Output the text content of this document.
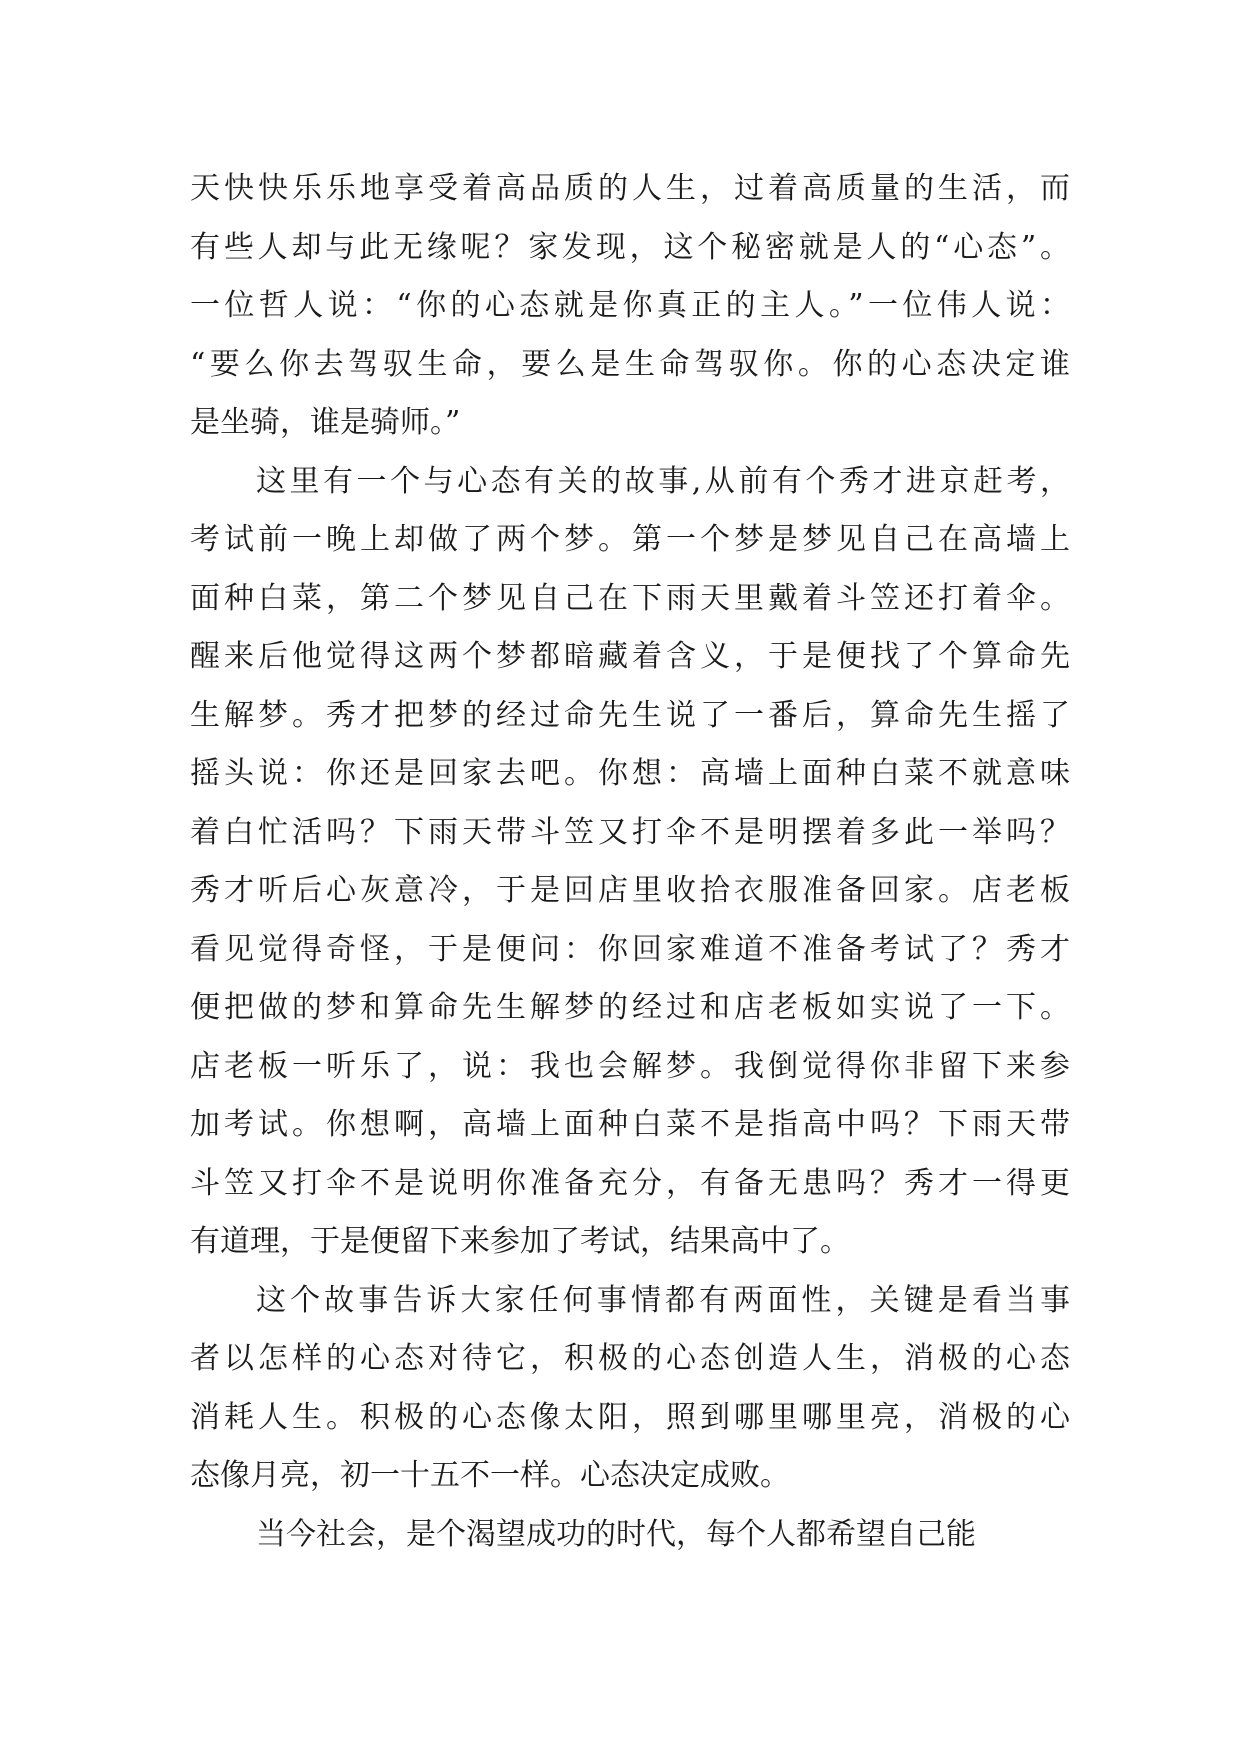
天快快乐乐地享受着高品质的人生，过着高质量的生活，而
有些人却与此无缘呢？家发现，这个秘密就是人的“心态”。
一位哲人说：“你的心态就是你真正的主人。”一位伟人说：
“要么你去驾驭生命，要么是生命驾驭你。你的心态决定谁
是坐骑，谁是骑师。”
这里有一个与心态有关的故事,从前有个秀才进京赶考，
考试前一晚上却做了两个梦。第一个梦是梦见自己在高墙上
面种白菜，第二个梦见自己在下雨天里戴着斗笠还打着伞。
醒来后他觉得这两个梦都暗藏着含义，于是便找了个算命先
生解梦。秀才把梦的经过命先生说了一番后，算命先生摇了
摇头说：你还是回家去吧。你想：高墙上面种白菜不就意味
着白忙活吗？下雨天带斗笠又打伞不是明摆着多此一举吗？
秀才听后心灰意冷，于是回店里收拾衣服准备回家。店老板
看见觉得奇怪，于是便问：你回家难道不准备考试了？秀才
便把做的梦和算命先生解梦的经过和店老板如实说了一下。
店老板一听乐了，说：我也会解梦。我倒觉得你非留下来参
加考试。你想啊，高墙上面种白菜不是指高中吗？下雨天带
斗笠又打伞不是说明你准备充分，有备无患吗？秀才一得更
有道理，于是便留下来参加了考试，结果高中了。
这个故事告诉大家任何事情都有两面性，关键是看当事
者以怎样的心态对待它，积极的心态创造人生，消极的心态
消耗人生。积极的心态像太阳，照到哪里哪里亮，消极的心
态像月亮，初一十五不一样。心态决定成败。
当今社会，是个渴望成功的时代，每个人都希望自己能
